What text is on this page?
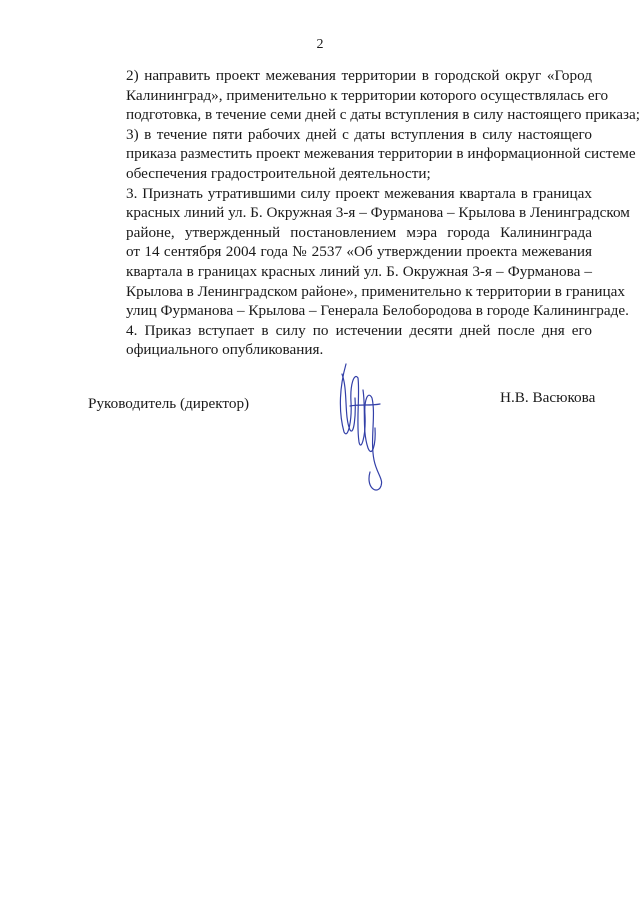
2

2) направить проект межевания территории в городской округ «Город
Калининград», применительно к территории которого осуществлялась его
подготовка, в течение семи дней с даты вступления в силу настоящего приказа;

3) в течение пяти рабочих дней с даты вступления в силу настоящего
приказа разместить проект межевания территории в информационной системе
обеспечения градостроительной деятельности;

3. Признать утратившими силу проект межевания квартала в границах
красных линий ул. Б. Окружная 3-я – Фурманова – Крылова в Ленинградском
районе, утвержденный постановлением мэра города Калининграда
от 14 сентября 2004 года № 2537 «Об утверждении проекта межевания
квартала в границах красных линий ул. Б. Окружная 3-я – Фурманова –
Крылова в Ленинградском районе», применительно к территории в границах
улиц Фурманова – Крылова – Генерала Белобородова в городе Калининграде.

4. Приказ вступает в силу по истечении десяти дней после дня его
официального опубликования.

Руководитель (директор)	Н.В. Васюкова
